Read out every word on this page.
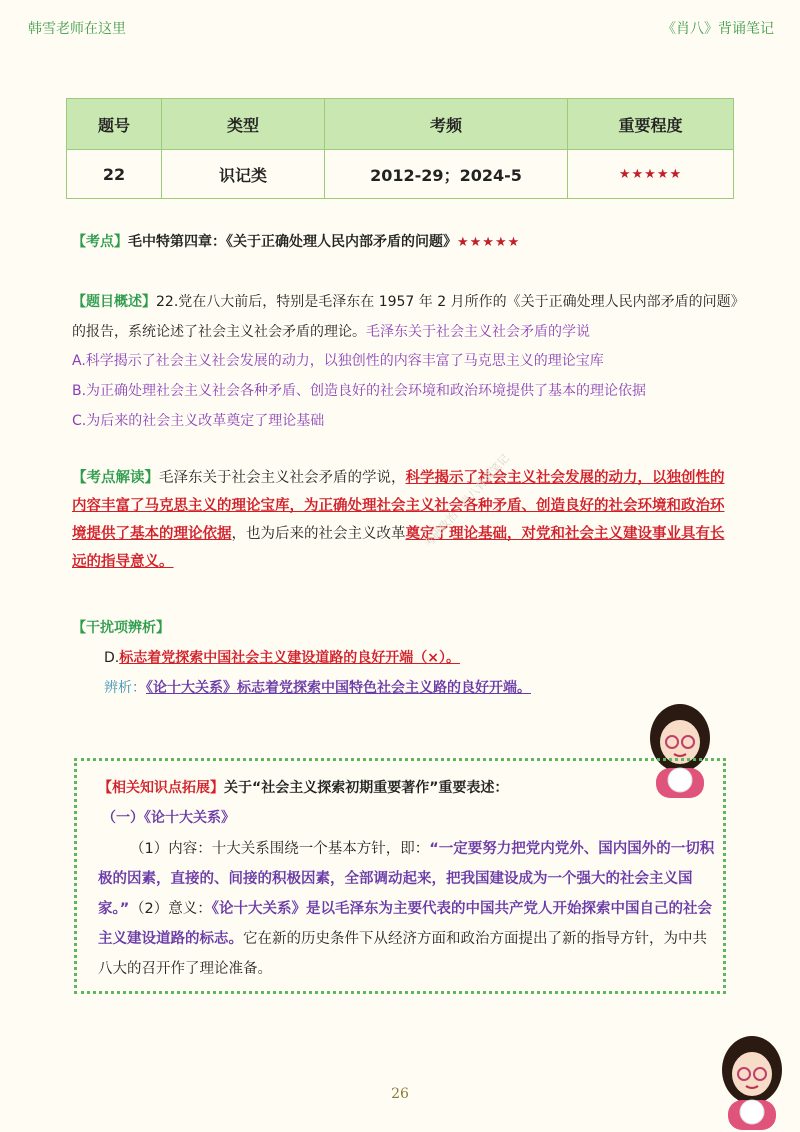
韩雪老师在这里	《肖八》背诵笔记
题号	类型	考频	重要程度
22	识记类	2012-29；2024-5	★★★★★
【考点】毛中特第四章：《关于正确处理人民内部矛盾的问题》★★★★★
【题目概述】22.党在八大前后，特别是毛泽东在 1957 年 2 月所作的《关于正确处理人民内部矛盾的问题》
的报告，系统论述了社会主义社会矛盾的理论。毛泽东关于社会主义社会矛盾的学说
A.科学揭示了社会主义社会发展的动力，以独创性的内容丰富了马克思主义的理论宝库
B.为正确处理社会主义社会各种矛盾、创造良好的社会环境和政治环境提供了基本的理论依据
C.为后来的社会主义改革奠定了理论基础
【考点解读】毛泽东关于社会主义社会矛盾的学说，科学揭示了社会主义社会发展的动力，以独创性的内容丰富了马克思主义的理论宝库，为正确处理社会主义社会各种矛盾、创造良好的社会环境和政治环境提供了基本的理论依据，也为后来的社会主义改革奠定了理论基础，对党和社会主义建设事业具有长远的指导意义。
考研政治 · 肖八背诵笔记
【干扰项辨析】
D.标志着党探索中国社会主义建设道路的良好开端（×）。
辨析：《论十大关系》标志着党探索中国特色社会主义路的良好开端。
【相关知识点拓展】关于“社会主义探索初期重要著作”重要表述：
（一）《论十大关系》
（1）内容：十大关系围绕一个基本方针，即：“一定要努力把党内党外、国内国外的一切积极的因素，直接的、间接的积极因素，全部调动起来，把我国建设成为一个强大的社会主义国家。” （2）意义：《论十大关系》是以毛泽东为主要代表的中国共产党人开始探索中国自己的社会主义建设道路的标志。它在新的历史条件下从经济方面和政治方面提出了新的指导方针，为中共八大的召开作了理论准备。
26
